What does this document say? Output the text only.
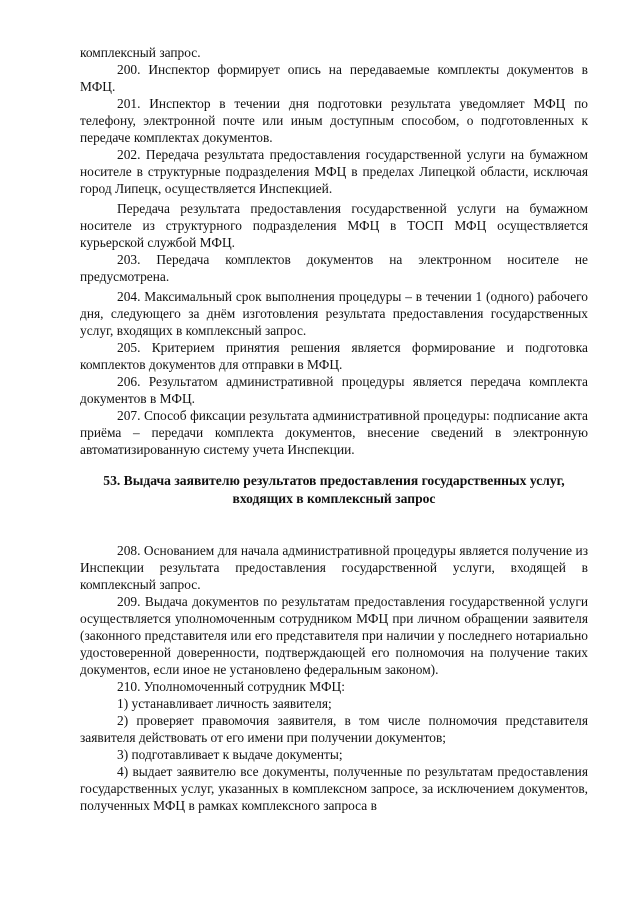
комплексный запрос.

200. Инспектор формирует опись на передаваемые комплекты документов в МФЦ.

201. Инспектор в течении дня подготовки результата уведомляет МФЦ по телефону, электронной почте или иным доступным способом, о подготовленных к передаче комплектах документов.

202. Передача результата предоставления государственной услуги на бумажном носителе в структурные подразделения МФЦ в пределах Липецкой области, исключая город Липецк, осуществляется Инспекцией.

Передача результата предоставления государственной услуги на бумажном носителе из структурного подразделения МФЦ в ТОСП МФЦ осуществляется курьерской службой МФЦ.

203. Передача комплектов документов на электронном носителе не предусмотрена.

204. Максимальный срок выполнения процедуры – в течении 1 (одного) рабочего дня, следующего за днём изготовления результата предоставления государственных услуг, входящих в комплексный запрос.

205. Критерием принятия решения является формирование и подготовка комплектов документов для отправки в МФЦ.

206. Результатом административной процедуры является передача комплекта документов в МФЦ.

207. Способ фиксации результата административной процедуры: подписание акта приёма – передачи комплекта документов, внесение сведений в электронную автоматизированную систему учета Инспекции.

53. Выдача заявителю результатов предоставления государственных услуг, входящих в комплексный запрос

208. Основанием для начала административной процедуры является получение из Инспекции результата предоставления государственной услуги, входящей в комплексный запрос.

209. Выдача документов по результатам предоставления государственной услуги осуществляется уполномоченным сотрудником МФЦ при личном обращении заявителя (законного представителя или его представителя при наличии у последнего нотариально удостоверенной доверенности, подтверждающей его полномочия на получение таких документов, если иное не установлено федеральным законом).

210. Уполномоченный сотрудник МФЦ:

1) устанавливает личность заявителя;

2) проверяет правомочия заявителя, в том числе полномочия представителя заявителя действовать от его имени при получении документов;

3) подготавливает к выдаче документы;

4) выдает заявителю все документы, полученные по результатам предоставления государственных услуг, указанных в комплексном запросе, за исключением документов, полученных МФЦ в рамках комплексного запроса в
